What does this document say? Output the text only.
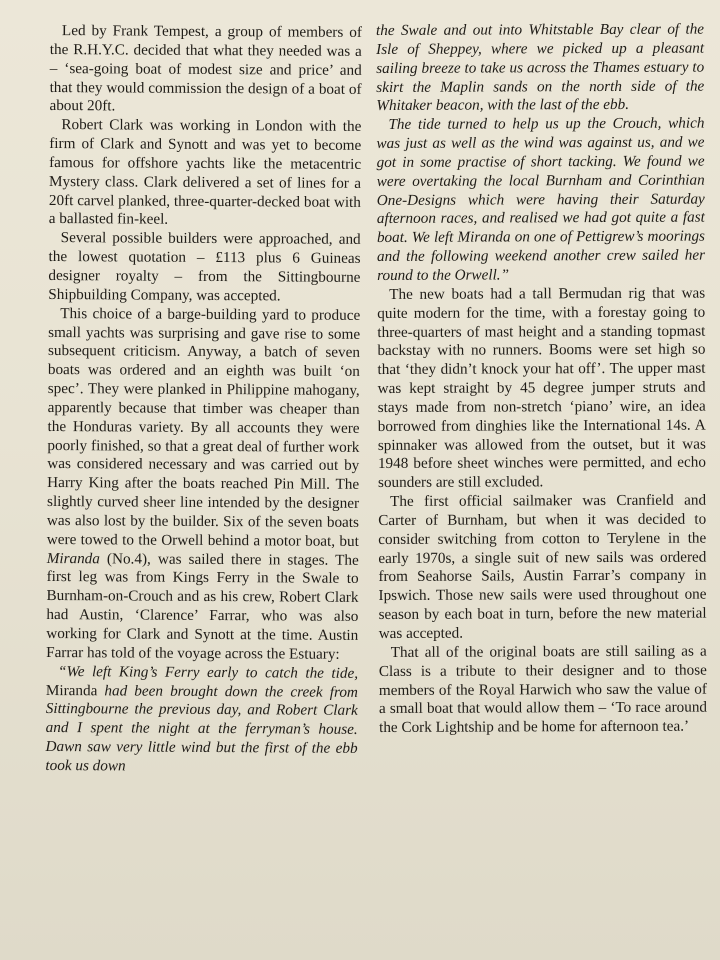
Led by Frank Tempest, a group of members of the R.H.Y.C. decided that what they needed was a – ‘sea-going boat of modest size and price’ and that they would commission the design of a boat of about 20ft.

Robert Clark was working in London with the firm of Clark and Synott and was yet to become famous for offshore yachts like the metacentric Mystery class. Clark delivered a set of lines for a 20ft carvel planked, three-quarter-decked boat with a ballasted fin-keel.

Several possible builders were approached, and the lowest quotation – £113 plus 6 Guineas designer royalty – from the Sittingbourne Shipbuilding Company, was accepted.

This choice of a barge-building yard to produce small yachts was surprising and gave rise to some subsequent criticism. Anyway, a batch of seven boats was ordered and an eighth was built ‘on spec’. They were planked in Philippine mahogany, apparently because that timber was cheaper than the Honduras variety. By all accounts they were poorly finished, so that a great deal of further work was considered necessary and was carried out by Harry King after the boats reached Pin Mill. The slightly curved sheer line intended by the designer was also lost by the builder. Six of the seven boats were towed to the Orwell behind a motor boat, but Miranda (No.4), was sailed there in stages. The first leg was from Kings Ferry in the Swale to Burnham-on-Crouch and as his crew, Robert Clark had Austin, ‘Clarence’ Farrar, who was also working for Clark and Synott at the time. Austin Farrar has told of the voyage across the Estuary:

“We left King’s Ferry early to catch the tide, Miranda had been brought down the creek from Sittingbourne the previous day, and Robert Clark and I spent the night at the ferryman’s house. Dawn saw very little wind but the first of the ebb took us down

the Swale and out into Whitstable Bay clear of the Isle of Sheppey, where we picked up a pleasant sailing breeze to take us across the Thames estuary to skirt the Maplin sands on the north side of the Whitaker beacon, with the last of the ebb.

The tide turned to help us up the Crouch, which was just as well as the wind was against us, and we got in some practise of short tacking. We found we were overtaking the local Burnham and Corinthian One-Designs which were having their Saturday afternoon races, and realised we had got quite a fast boat. We left Miranda on one of Pettigrew’s moorings and the following weekend another crew sailed her round to the Orwell.”

The new boats had a tall Bermudan rig that was quite modern for the time, with a forestay going to three-quarters of mast height and a standing topmast backstay with no runners. Booms were set high so that ‘they didn’t knock your hat off’. The upper mast was kept straight by 45 degree jumper struts and stays made from non-stretch ‘piano’ wire, an idea borrowed from dinghies like the International 14s. A spinnaker was allowed from the outset, but it was 1948 before sheet winches were permitted, and echo sounders are still excluded.

The first official sailmaker was Cranfield and Carter of Burnham, but when it was decided to consider switching from cotton to Terylene in the early 1970s, a single suit of new sails was ordered from Seahorse Sails, Austin Farrar’s company in Ipswich. Those new sails were used throughout one season by each boat in turn, before the new material was accepted.

That all of the original boats are still sailing as a Class is a tribute to their designer and to those members of the Royal Harwich who saw the value of a small boat that would allow them – ‘To race around the Cork Lightship and be home for afternoon tea.’
